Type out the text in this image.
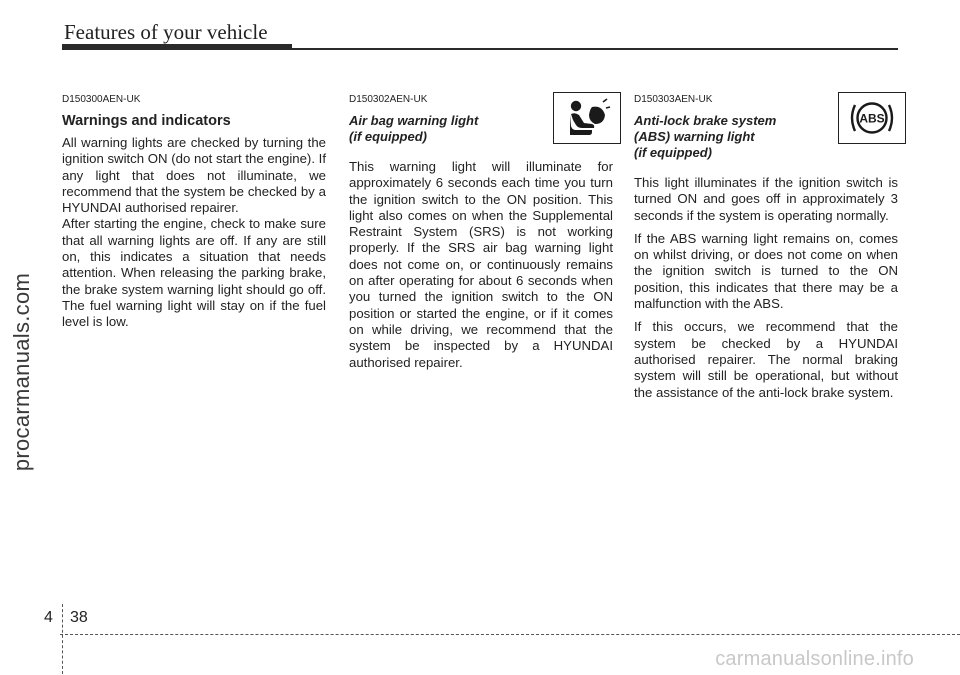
Features of your vehicle
procarmanuals.com
D150300AEN-UK
Warnings and indicators

All warning lights are checked by turning the ignition switch ON (do not start the engine). If any light that does not illuminate, we recommend that the system be checked by a HYUNDAI authorised repairer.

After starting the engine, check to make sure that all warning lights are off. If any are still on, this indicates a situation that needs attention. When releasing the parking brake, the brake system warning light should go off. The fuel warning light will stay on if the fuel level is low.

D150302AEN-UK
Air bag warning light
(if equipped)

This warning light will illuminate for approximately 6 seconds each time you turn the ignition switch to the ON position. This light also comes on when the Supplemental Restraint System (SRS) is not working properly. If the SRS air bag warning light does not come on, or continuously remains on after operating for about 6 seconds when you turned the ignition switch to the ON position or started the engine, or if it comes on while driving, we recommend that the system be inspected by a HYUNDAI authorised repairer.

ABS
D150303AEN-UK
Anti-lock brake system
(ABS) warning light
(if equipped)

This light illuminates if the ignition switch is turned ON and goes off in approximately 3 seconds if the system is operating normally.

If the ABS warning light remains on, comes on whilst driving, or does not come on when the ignition switch is turned to the ON position, this indicates that there may be a malfunction with the ABS.

If this occurs, we recommend that the system be checked by a HYUNDAI authorised repairer. The normal braking system will still be operational, but without the assistance of the anti-lock brake system.

4 38
carmanualsonline.info
